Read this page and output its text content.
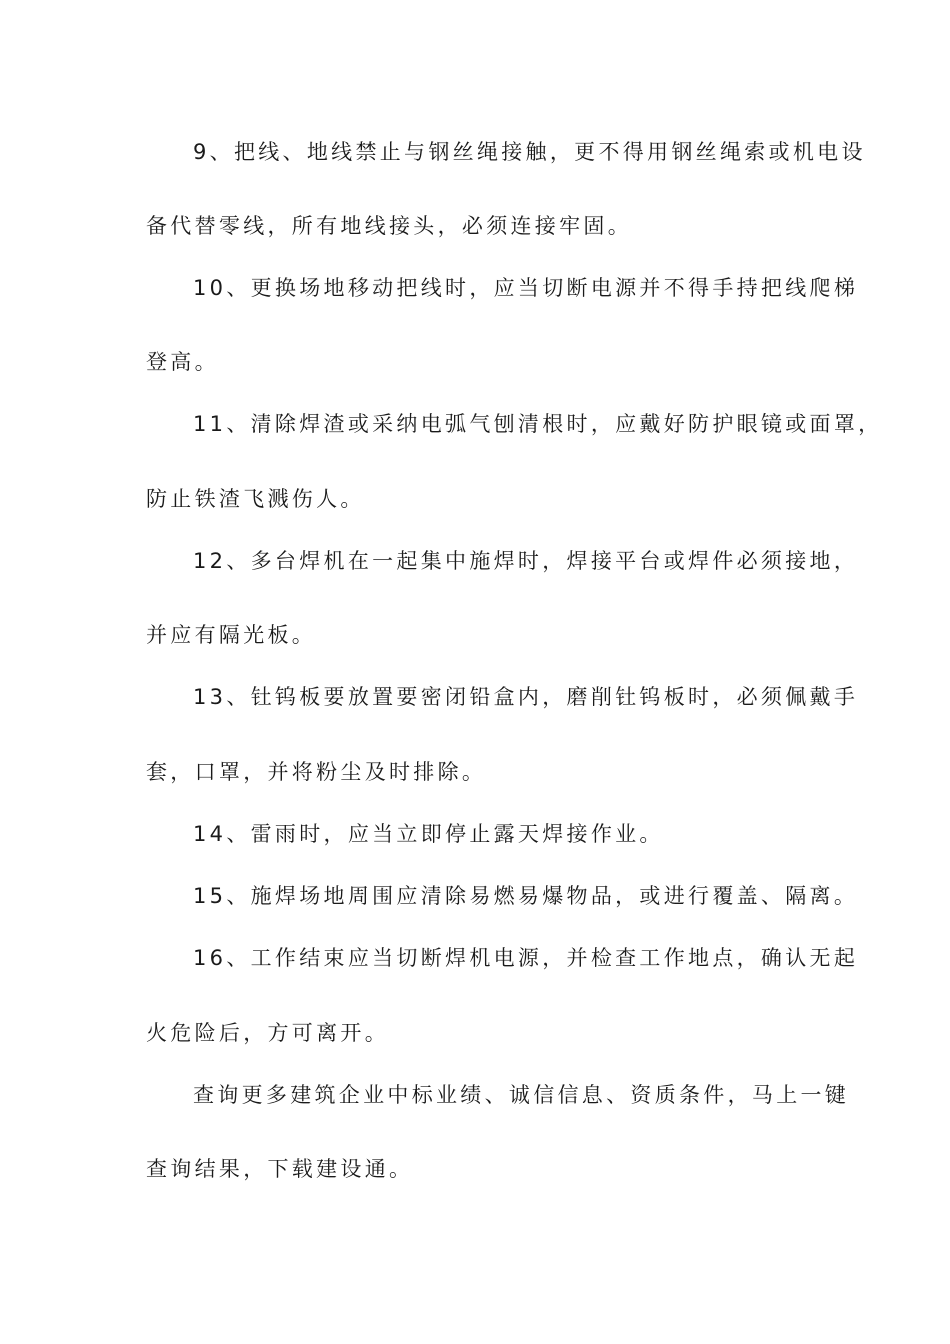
9、把线、地线禁止与钢丝绳接触，更不得用钢丝绳索或机电设
备代替零线，所有地线接头，必须连接牢固。
10、更换场地移动把线时，应当切断电源并不得手持把线爬梯
登高。
11、清除焊渣或采纳电弧气刨清根时，应戴好防护眼镜或面罩，
防止铁渣飞溅伤人。
12、多台焊机在一起集中施焊时，焊接平台或焊件必须接地，
并应有隔光板。
13、钍钨板要放置要密闭铅盒内，磨削钍钨板时，必须佩戴手
套，口罩，并将粉尘及时排除。
14、雷雨时，应当立即停止露天焊接作业。
15、施焊场地周围应清除易燃易爆物品，或进行覆盖、隔离。
16、工作结束应当切断焊机电源，并检查工作地点，确认无起
火危险后，方可离开。
查询更多建筑企业中标业绩、诚信信息、资质条件，马上一键
查询结果，下载建设通。
